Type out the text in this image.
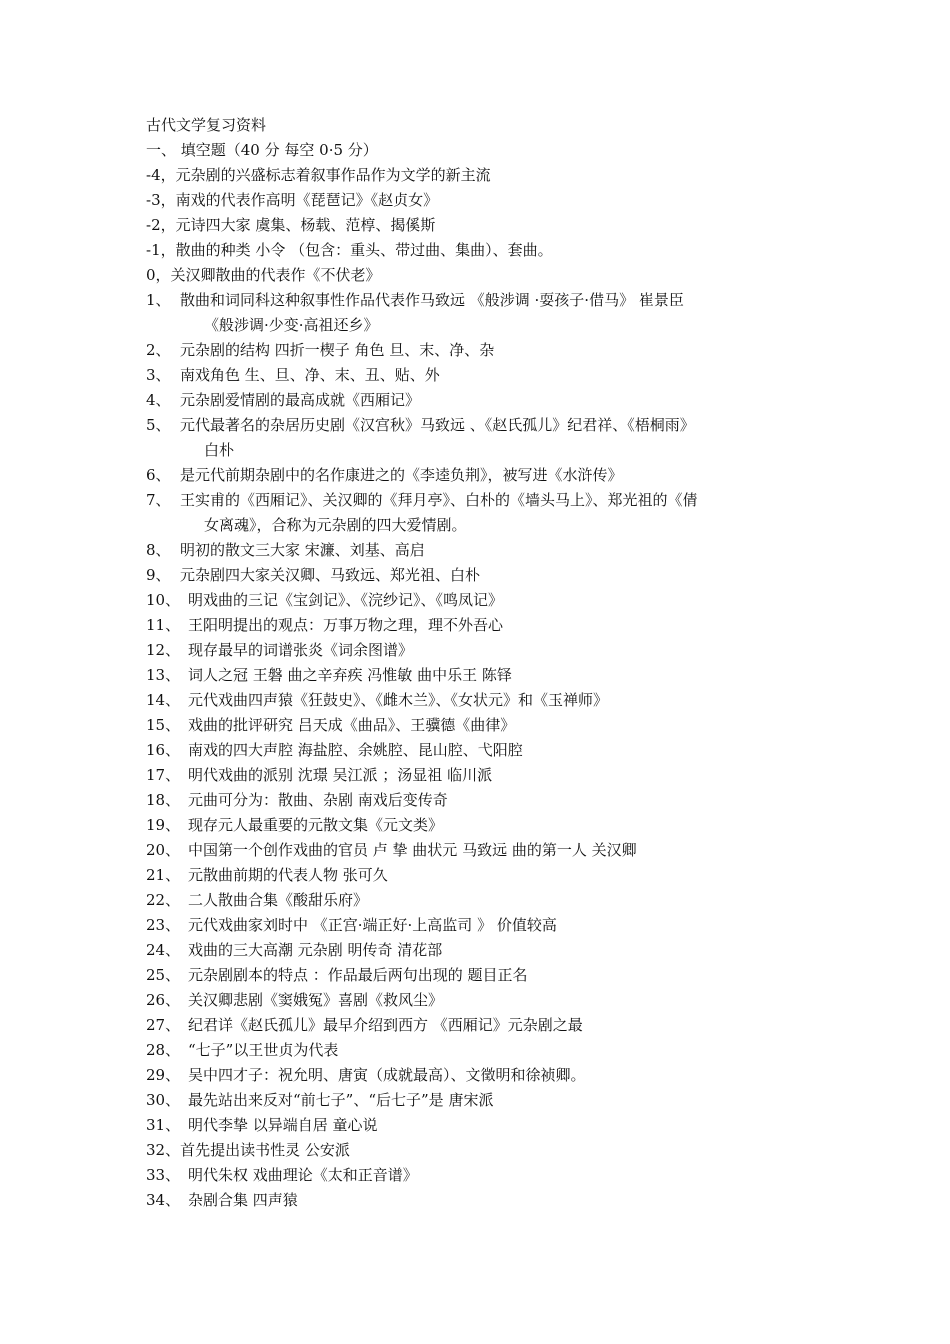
古代文学复习资料
一、 填空题（40 分 每空 0·5 分）
-4， 元杂剧的兴盛标志着叙事作品作为文学的新主流
-3， 南戏的代表作高明《琵琶记》《赵贞女》
-2， 元诗四大家 虞集、杨载、范椁、揭傒斯
-1， 散曲的种类 小令 （包含：重头、带过曲、集曲）、套曲。
0， 关汉卿散曲的代表作《不伏老》
1、 散曲和词同科这种叙事性作品代表作马致远 《般涉调 ·耍孩子·借马》 崔景臣
《般涉调·少变·高祖还乡》
2、 元杂剧的结构 四折一楔子 角色 旦、末、净、杂
3、 南戏角色 生、旦、净、末、丑、贴、外
4、 元杂剧爱情剧的最高成就《西厢记》
5、 元代最著名的杂居历史剧《汉宫秋》马致远 、《赵氏孤儿》纪君祥、《梧桐雨》
白朴
6、 是元代前期杂剧中的名作康进之的《李逵负荆》，被写进《水浒传》
7、 王实甫的《西厢记》、关汉卿的《拜月亭》、白朴的《墙头马上》、郑光祖的《倩
女离魂》，合称为元杂剧的四大爱情剧。
8、 明初的散文三大家 宋濂、刘基、高启
9、 元杂剧四大家关汉卿、马致远、郑光祖、白朴
10、 明戏曲的三记《宝剑记》、《浣纱记》、《鸣凤记》
11、 王阳明提出的观点：万事万物之理，理不外吾心
12、 现存最早的词谱张炎《词余图谱》
13、 词人之冠 王磐 曲之辛弃疾 冯惟敏 曲中乐王 陈铎
14、 元代戏曲四声猿《狂鼓史》、《雌木兰》、《女状元》和《玉禅师》
15、 戏曲的批评研究 吕天成《曲品》、王骥德《曲律》
16、 南戏的四大声腔 海盐腔、余姚腔、昆山腔、弋阳腔
17、 明代戏曲的派别 沈璟 吴江派 ；汤显祖 临川派
18、 元曲可分为：散曲、杂剧 南戏后变传奇
19、 现存元人最重要的元散文集《元文类》
20、 中国第一个创作戏曲的官员 卢 挚 曲状元 马致远 曲的第一人 关汉卿
21、 元散曲前期的代表人物 张可久
22、 二人散曲合集《酸甜乐府》
23、 元代戏曲家刘时中 《正宫·端正好·上高监司 》 价值较高
24、 戏曲的三大高潮 元杂剧 明传奇 清花部
25、 元杂剧剧本的特点 ：作品最后两句出现的 题目正名
26、 关汉卿悲剧《窦娥冤》喜剧《救风尘》
27、 纪君详《赵氏孤儿》最早介绍到西方 《西厢记》元杂剧之最
28、 “七子”以王世贞为代表
29、 吴中四才子：祝允明、唐寅（成就最高）、文徵明和徐祯卿。
30、 最先站出来反对“前七子”、“后七子”是 唐宋派
31、 明代李挚 以异端自居 童心说
32、 首先提出读书性灵 公安派
33、 明代朱权 戏曲理论《太和正音谱》
34、 杂剧合集 四声猿
